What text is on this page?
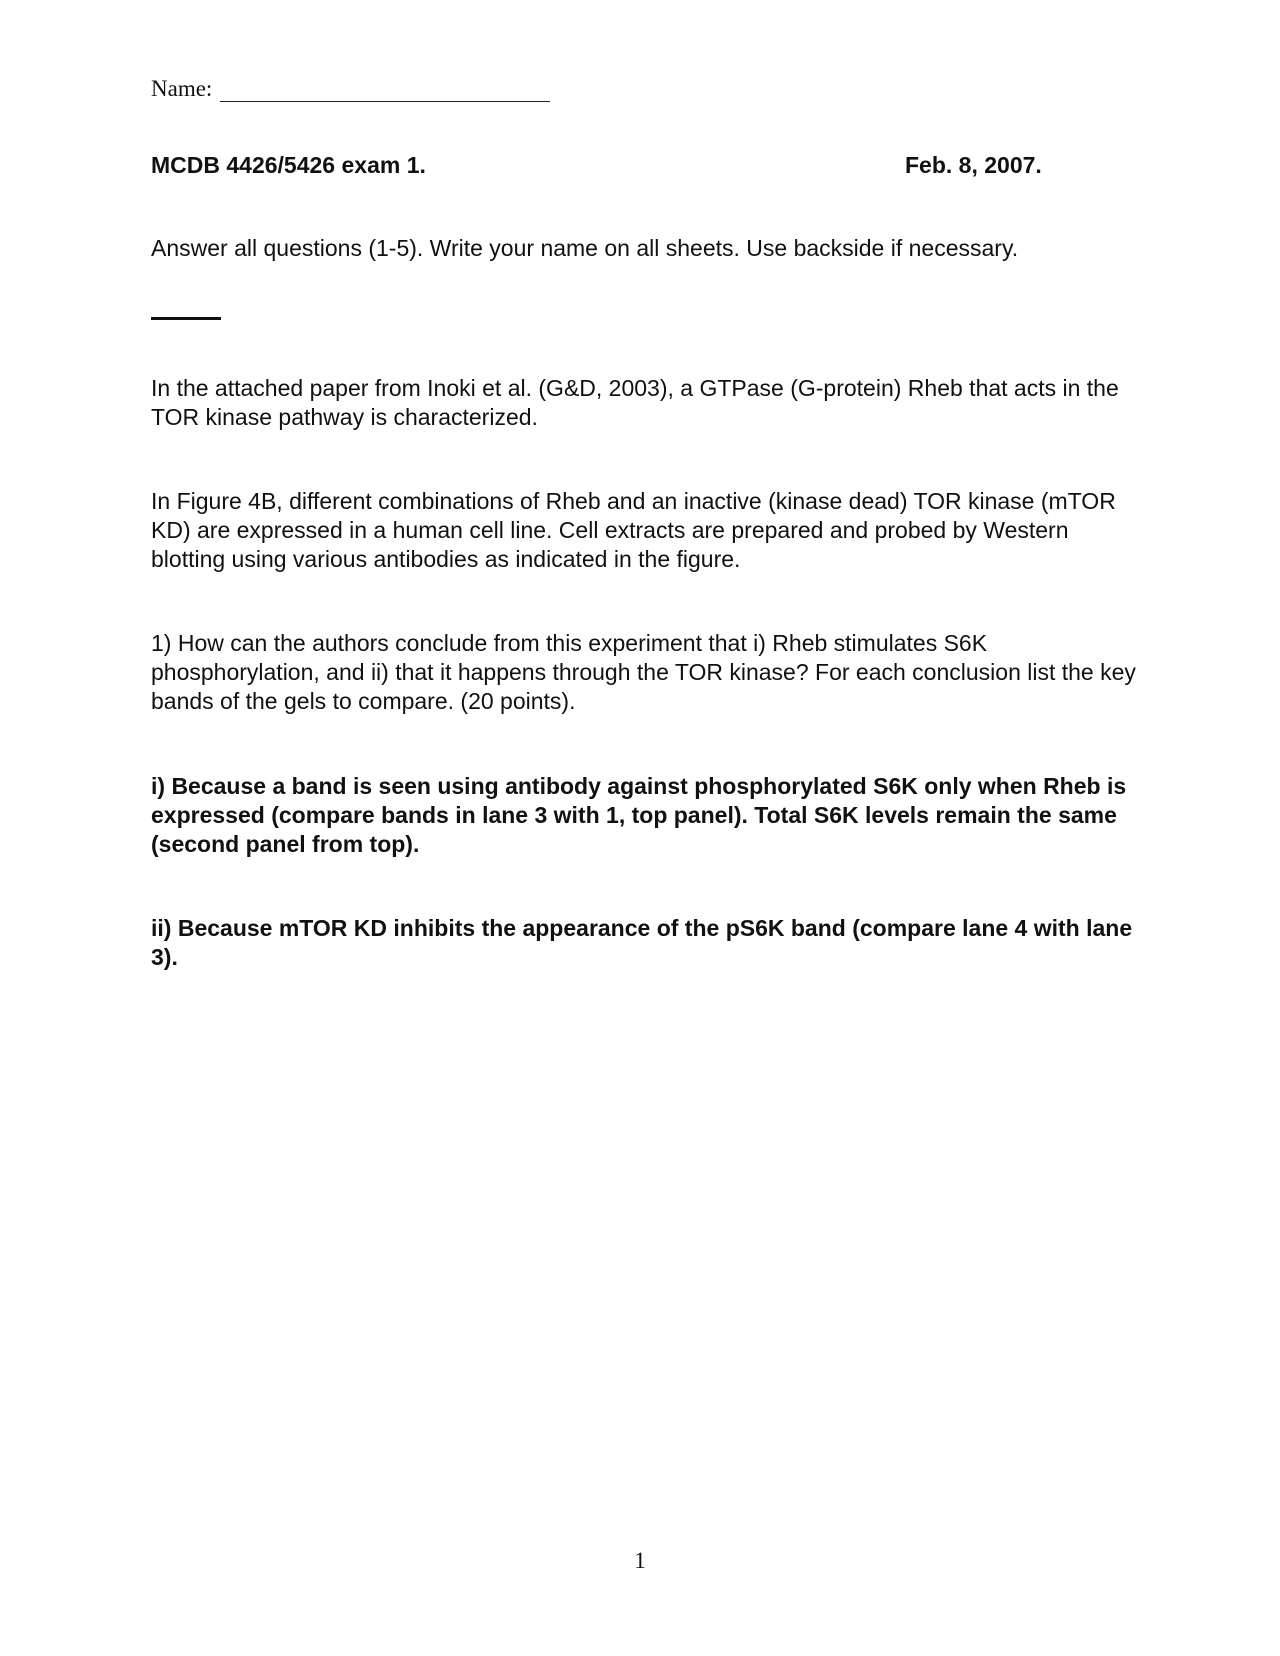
Name:
MCDB 4426/5426 exam 1.	Feb. 8, 2007.

Answer all questions (1-5). Write your name on all sheets. Use backside if necessary.

In the attached paper from Inoki et al. (G&D, 2003), a GTPase (G-protein) Rheb that acts in the TOR kinase pathway is characterized.

In Figure 4B, different combinations of Rheb and an inactive (kinase dead) TOR kinase (mTOR KD) are expressed in a human cell line. Cell extracts are prepared and probed by Western blotting using various antibodies as indicated in the figure.

1) How can the authors conclude from this experiment that i) Rheb stimulates S6K phosphorylation, and ii) that it happens through the TOR kinase? For each conclusion list the key bands of the gels to compare. (20 points).

i) Because a band is seen using antibody against phosphorylated S6K only when Rheb is expressed (compare bands in lane 3 with 1, top panel). Total S6K levels remain the same (second panel from top).

ii) Because mTOR KD inhibits the appearance of the pS6K band (compare lane 4 with lane 3).

1
